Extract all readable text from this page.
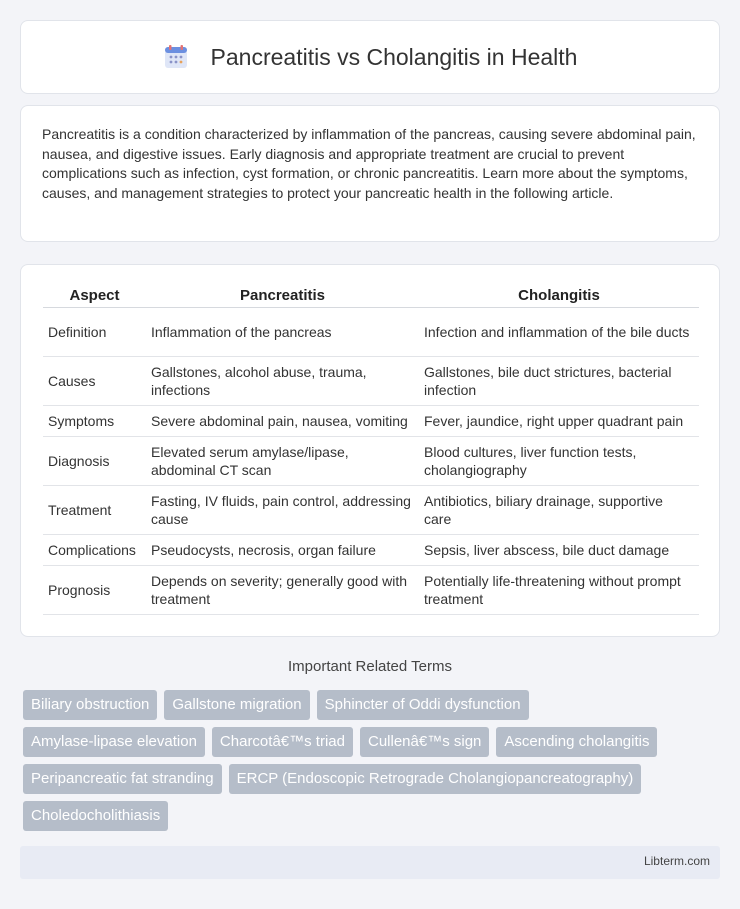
Pancreatitis vs Cholangitis in Health

Pancreatitis is a condition characterized by inflammation of the pancreas, causing severe abdominal pain, nausea, and digestive issues. Early diagnosis and appropriate treatment are crucial to prevent complications such as infection, cyst formation, or chronic pancreatitis. Learn more about the symptoms, causes, and management strategies to protect your pancreatic health in the following article.

Aspect	Pancreatitis	Cholangitis
Definition	Inflammation of the pancreas	Infection and inflammation of the bile ducts
Causes	Gallstones, alcohol abuse, trauma, infections	Gallstones, bile duct strictures, bacterial infection
Symptoms	Severe abdominal pain, nausea, vomiting	Fever, jaundice, right upper quadrant pain
Diagnosis	Elevated serum amylase/lipase, abdominal CT scan	Blood cultures, liver function tests, cholangiography
Treatment	Fasting, IV fluids, pain control, addressing cause	Antibiotics, biliary drainage, supportive care
Complications	Pseudocysts, necrosis, organ failure	Sepsis, liver abscess, bile duct damage
Prognosis	Depends on severity; generally good with treatment	Potentially life-threatening without prompt treatment
Important Related Terms
Biliary obstruction	Gallstone migration	Sphincter of Oddi dysfunction
Amylase-lipase elevation	Charcotâ€™s triad	Cullenâ€™s sign	Ascending cholangitis
Peripancreatic fat stranding	ERCP (Endoscopic Retrograde Cholangiopancreatography)
Choledocholithiasis
Libterm.com
